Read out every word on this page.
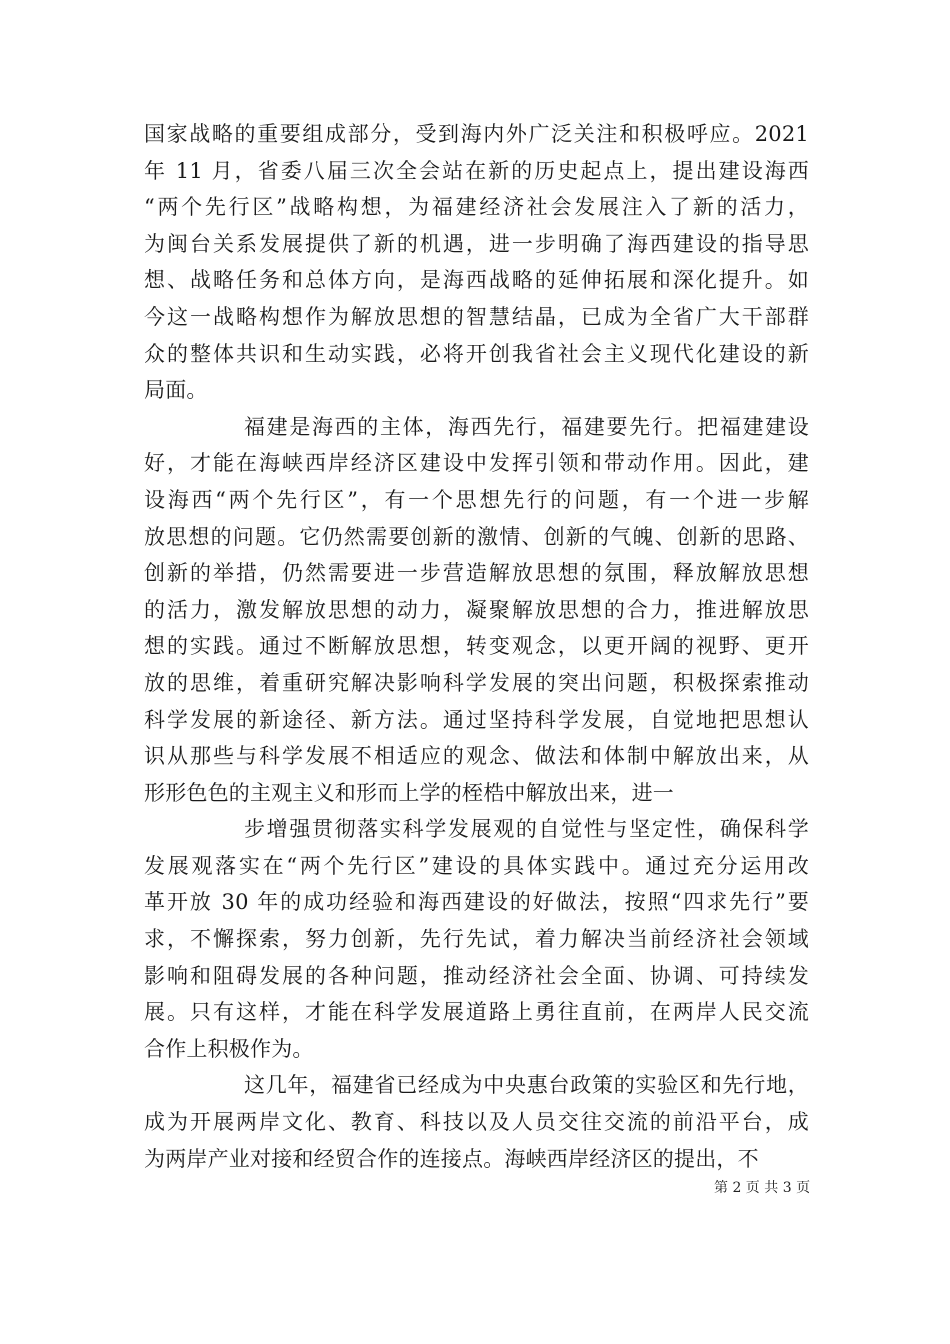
国家战略的重要组成部分，受到海内外广泛关注和积极呼应。2021
年 11 月，省委八届三次全会站在新的历史起点上，提出建设海西
“两个先行区”战略构想，为福建经济社会发展注入了新的活力，
为闽台关系发展提供了新的机遇，进一步明确了海西建设的指导思
想、战略任务和总体方向，是海西战略的延伸拓展和深化提升。如
今这一战略构想作为解放思想的智慧结晶，已成为全省广大干部群
众的整体共识和生动实践，必将开创我省社会主义现代化建设的新
局面。
福建是海西的主体，海西先行，福建要先行。把福建建设
好，才能在海峡西岸经济区建设中发挥引领和带动作用。因此，建
设海西“两个先行区”，有一个思想先行的问题，有一个进一步解
放思想的问题。它仍然需要创新的激情、创新的气魄、创新的思路、
创新的举措，仍然需要进一步营造解放思想的氛围，释放解放思想
的活力，激发解放思想的动力，凝聚解放思想的合力，推进解放思
想的实践。通过不断解放思想，转变观念，以更开阔的视野、更开
放的思维，着重研究解决影响科学发展的突出问题，积极探索推动
科学发展的新途径、新方法。通过坚持科学发展，自觉地把思想认
识从那些与科学发展不相适应的观念、做法和体制中解放出来，从
形形色色的主观主义和形而上学的桎梏中解放出来，进一
步增强贯彻落实科学发展观的自觉性与坚定性，确保科学
发展观落实在“两个先行区”建设的具体实践中。通过充分运用改
革开放 30 年的成功经验和海西建设的好做法，按照“四求先行”要
求，不懈探索，努力创新，先行先试，着力解决当前经济社会领域
影响和阻碍发展的各种问题，推动经济社会全面、协调、可持续发
展。只有这样，才能在科学发展道路上勇往直前，在两岸人民交流
合作上积极作为。
这几年，福建省已经成为中央惠台政策的实验区和先行地，
成为开展两岸文化、教育、科技以及人员交往交流的前沿平台，成
为两岸产业对接和经贸合作的连接点。海峡西岸经济区的提出，不
第 2 页 共 3 页
